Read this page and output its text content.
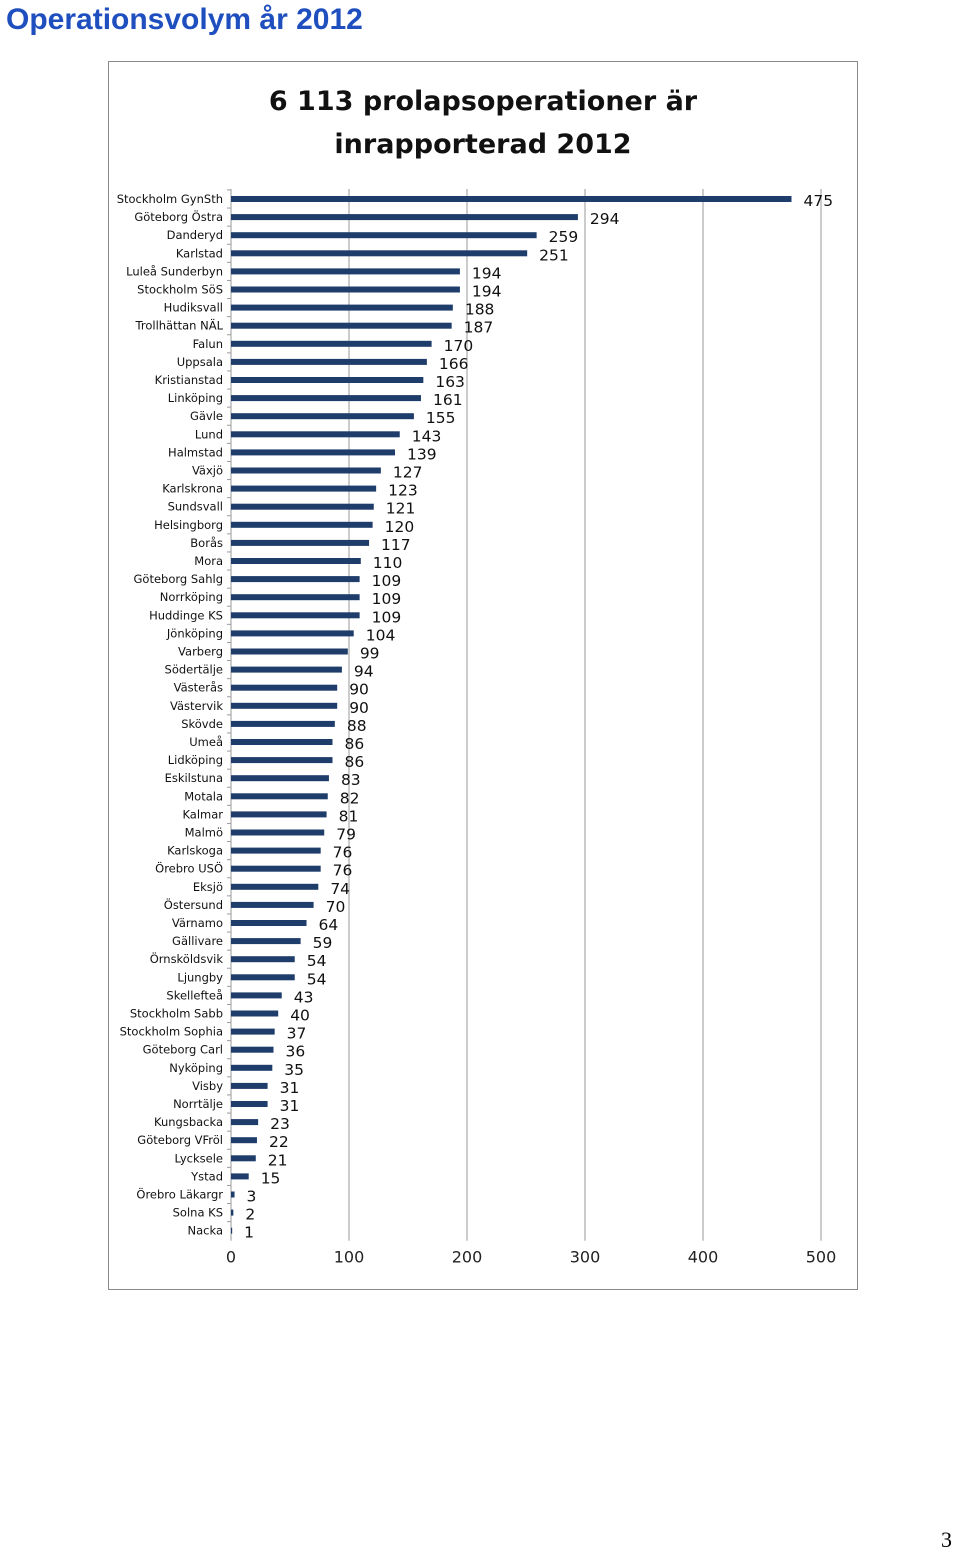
Operationsvolym år 2012
6 113 prolapsoperationer är
inrapporterad 2012
0	100	200	300	400	500
Stockholm GynSth	475
Göteborg Östra	294
Danderyd	259
Karlstad	251
Luleå Sunderbyn	194
Stockholm SöS	194
Hudiksvall	188
Trollhättan NÄL	187
Falun	170
Uppsala	166
Kristianstad	163
Linköping	161
Gävle	155
Lund	143
Halmstad	139
Växjö	127
Karlskrona	123
Sundsvall	121
Helsingborg	120
Borås	117
Mora	110
Göteborg Sahlg	109
Norrköping	109
Huddinge KS	109
Jönköping	104
Varberg	99
Södertälje	94
Västerås	90
Västervik	90
Skövde	88
Umeå	86
Lidköping	86
Eskilstuna	83
Motala	82
Kalmar	81
Malmö	79
Karlskoga	76
Örebro USÖ	76
Eksjö	74
Östersund	70
Värnamo	64
Gällivare	59
Örnsköldsvik	54
Ljungby	54
Skellefteå	43
Stockholm Sabb	40
Stockholm Sophia	37
Göteborg Carl	36
Nyköping	35
Visby	31
Norrtälje	31
Kungsbacka	23
Göteborg VFröl	22
Lycksele	21
Ystad 15
Örebro Läkargr 3
Solna KS 2
Nacka 1
3
